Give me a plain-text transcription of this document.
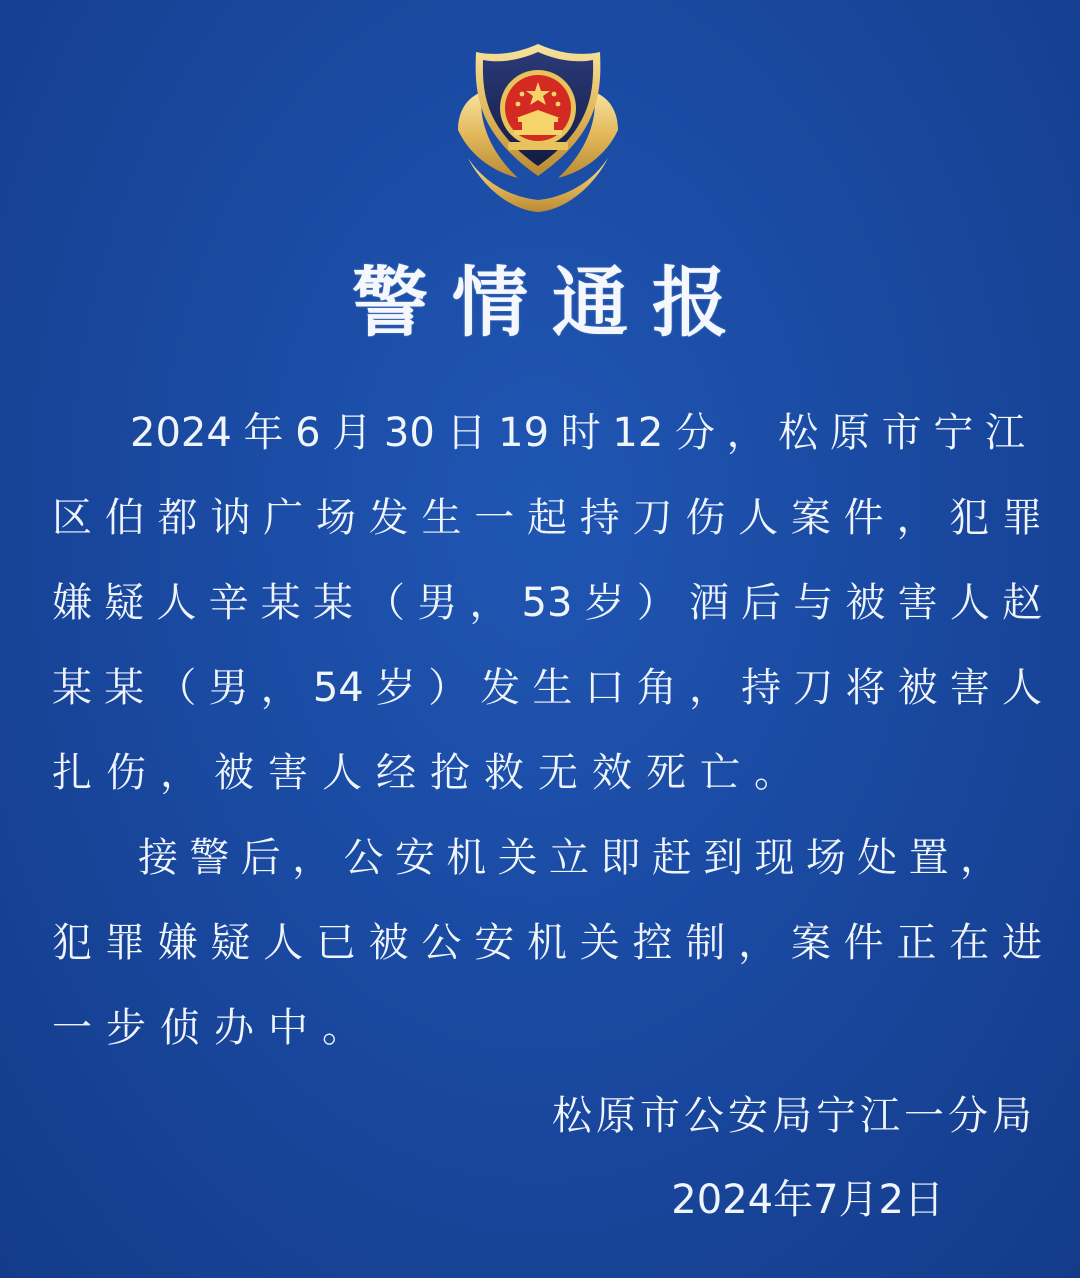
警情通报
2024年6月30日19时12分，松原市宁江
区伯都讷广场发生一起持刀伤人案件，犯罪
嫌疑人辛某某（男，53岁）酒后与被害人赵
某某（男，54岁）发生口角，持刀将被害人
扎伤，被害人经抢救无效死亡。
接警后，公安机关立即赶到现场处置，
犯罪嫌疑人已被公安机关控制，案件正在进
一步侦办中。
松原市公安局宁江一分局
2024年7月2日
